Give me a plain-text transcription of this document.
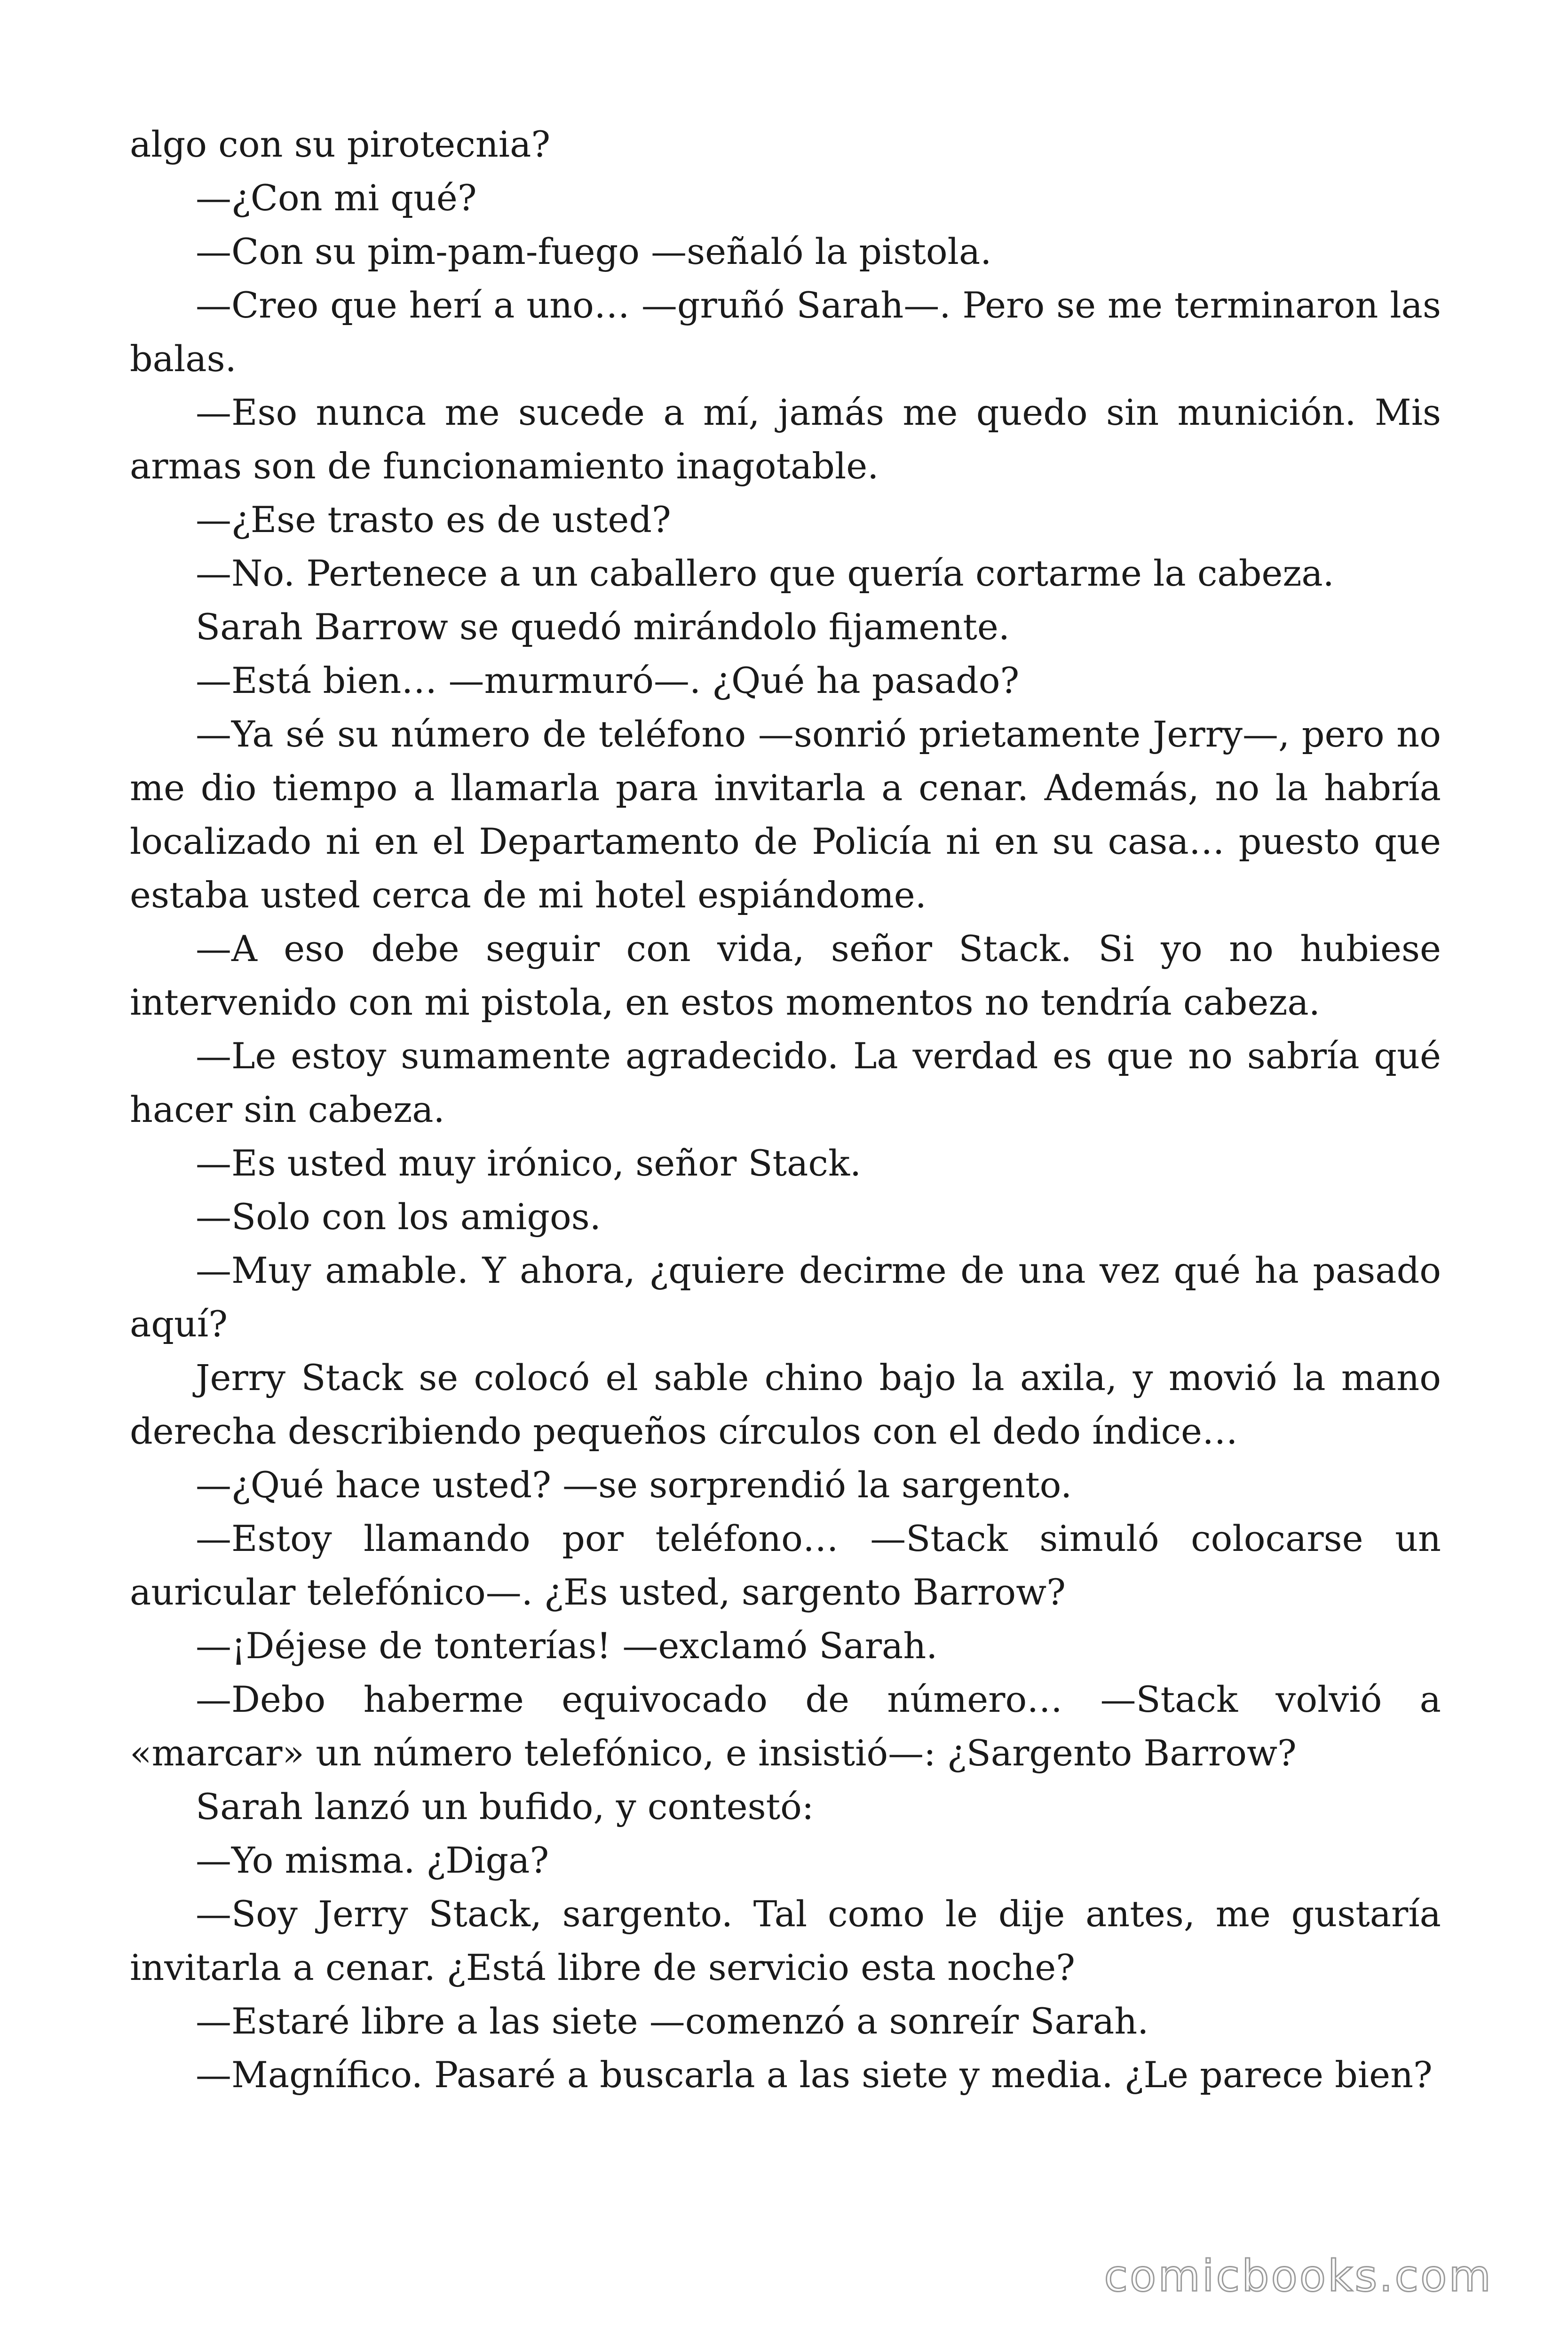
algo con su pirotecnia?

—¿Con mi qué?

—Con su pim-pam-fuego —señaló la pistola.

—Creo que herí a uno… —gruñó Sarah—. Pero se me terminaron las balas.

—Eso nunca me sucede a mí, jamás me quedo sin munición. Mis armas son de funcionamiento inagotable.

—¿Ese trasto es de usted?

—No. Pertenece a un caballero que quería cortarme la cabeza.

Sarah Barrow se quedó mirándolo fijamente.

—Está bien… —murmuró—. ¿Qué ha pasado?

—Ya sé su número de teléfono —sonrió prietamente Jerry—, pero no me dio tiempo a llamarla para invitarla a cenar. Además, no la habría localizado ni en el Departamento de Policía ni en su casa… puesto que estaba usted cerca de mi hotel espiándome.

—A eso debe seguir con vida, señor Stack. Si yo no hubiese intervenido con mi pistola, en estos momentos no tendría cabeza.

—Le estoy sumamente agradecido. La verdad es que no sabría qué hacer sin cabeza.

—Es usted muy irónico, señor Stack.

—Solo con los amigos.

—Muy amable. Y ahora, ¿quiere decirme de una vez qué ha pasado aquí?

Jerry Stack se colocó el sable chino bajo la axila, y movió la mano derecha describiendo pequeños círculos con el dedo índice…

—¿Qué hace usted? —se sorprendió la sargento.

—Estoy llamando por teléfono… —Stack simuló colocarse un auricular telefónico—. ¿Es usted, sargento Barrow?

—¡Déjese de tonterías! —exclamó Sarah.

—Debo haberme equivocado de número… —Stack volvió a «marcar» un número telefónico, e insistió—: ¿Sargento Barrow?

Sarah lanzó un bufido, y contestó:

—Yo misma. ¿Diga?

—Soy Jerry Stack, sargento. Tal como le dije antes, me gustaría invitarla a cenar. ¿Está libre de servicio esta noche?

—Estaré libre a las siete —comenzó a sonreír Sarah.

—Magnífico. Pasaré a buscarla a las siete y media. ¿Le parece bien?

comicbooks.com
